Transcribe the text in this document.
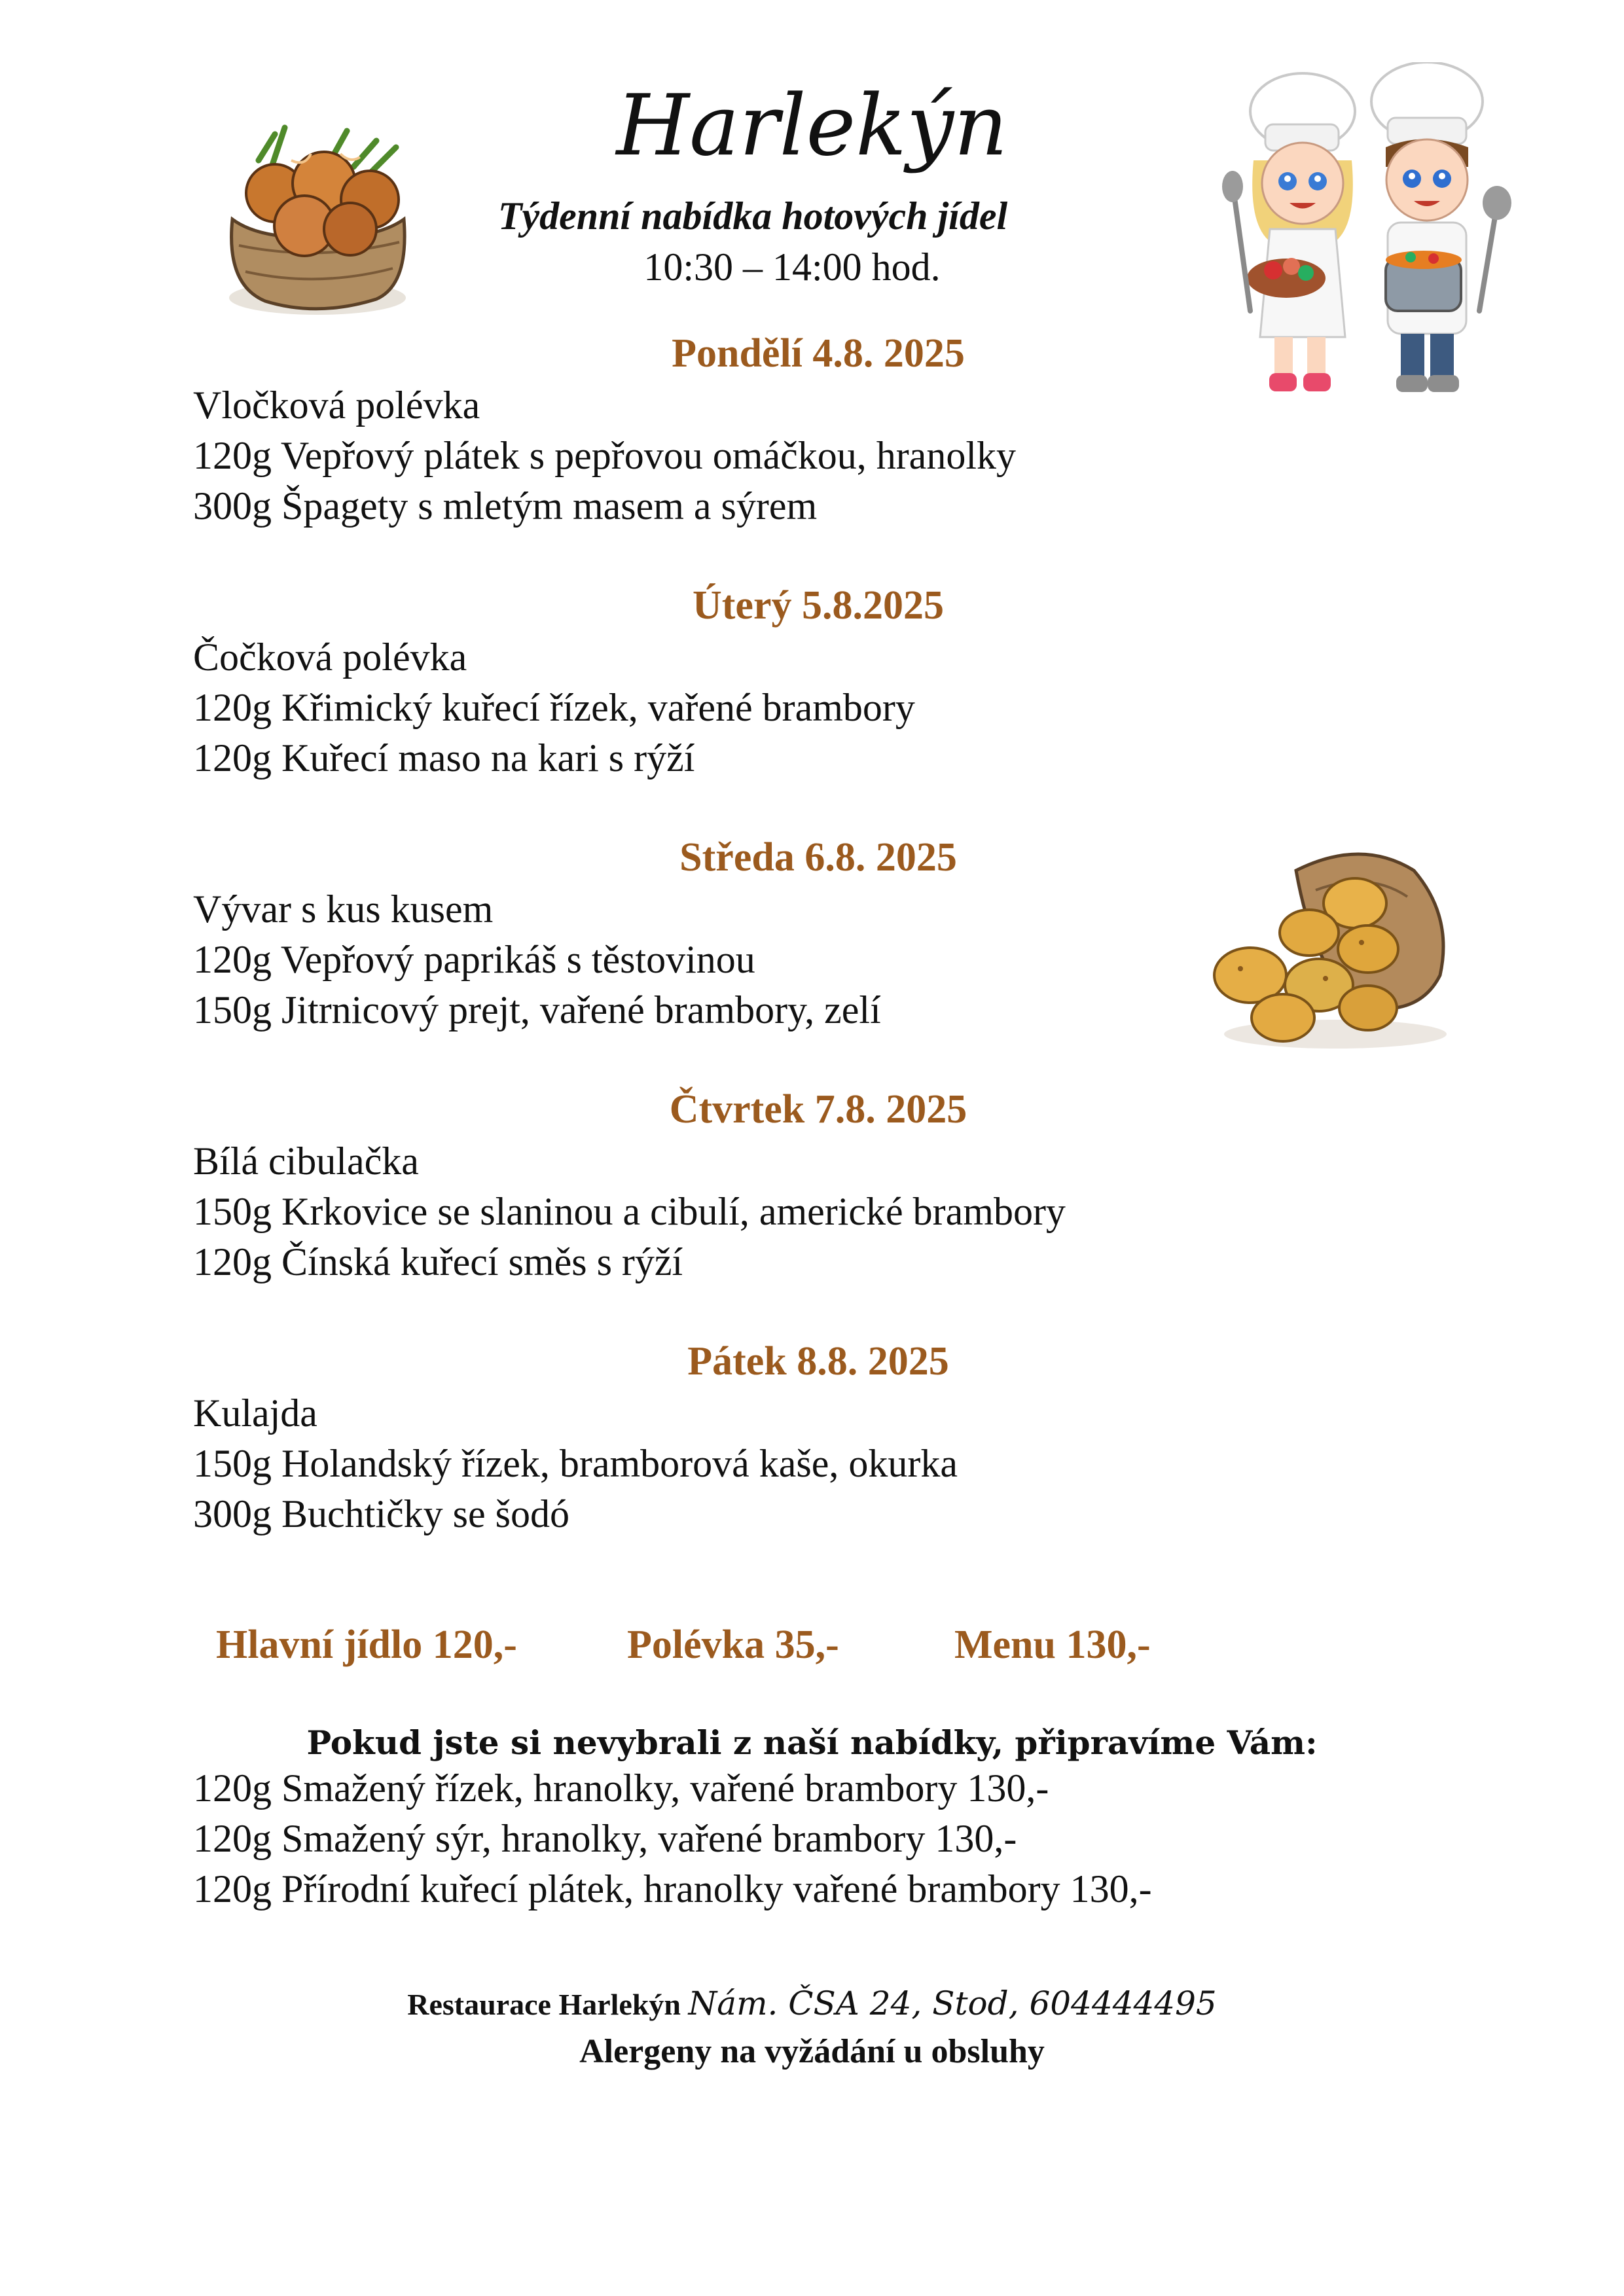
Harlekýn
Týdenní nabídka hotových jídel
10:30 – 14:00 hod.
Pondělí 4.8. 2025
Vločková polévka
120g Vepřový plátek s pepřovou omáčkou, hranolky
300g Špagety s mletým masem a sýrem
Úterý 5.8.2025
Čočková polévka
120g Křimický kuřecí řízek, vařené brambory
120g Kuřecí maso na kari s rýží
Středa 6.8. 2025
Vývar s kus kusem
120g Vepřový paprikáš s těstovinou
150g Jitrnicový prejt, vařené brambory, zelí
Čtvrtek 7.8. 2025
Bílá cibulačka
150g Krkovice se slaninou a cibulí, americké brambory
120g Čínská kuřecí směs s rýží
Pátek 8.8. 2025
Kulajda
150g Holandský řízek, bramborová kaše, okurka
300g Buchtičky se šodó
Hlavní jídlo 120,-	Polévka 35,-	Menu 130,-
Pokud jste si nevybrali z naší nabídky, připravíme Vám:
120g Smažený řízek, hranolky, vařené brambory 130,-
120g Smažený sýr, hranolky, vařené brambory 130,-
120g Přírodní kuřecí plátek, hranolky vařené brambory 130,-
Restaurace Harlekýn Nám. ČSA 24, Stod, 604444495
Alergeny na vyžádání u obsluhy
